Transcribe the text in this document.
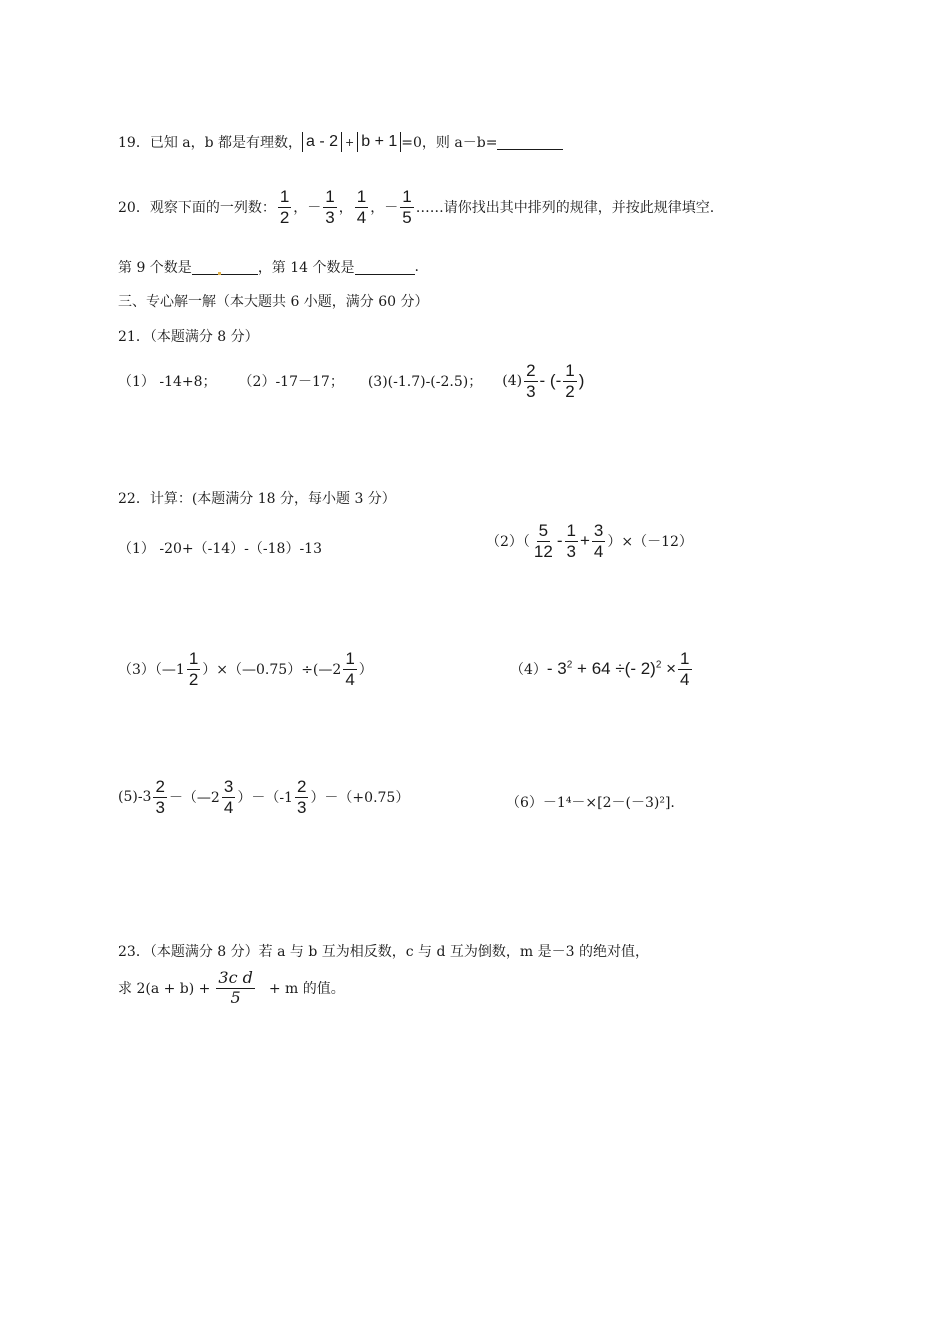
19．已知 a，b 都是有理数， a - 2 + b + 1 =0，则 a－b=
20．观察下面的一列数： $\frac{1}{2}$ ，－ $\frac{1}{3}$ ， $\frac{1}{4}$ ，－ $\frac{1}{5}$ ……请你找出其中排列的规律，并按此规律填空.
第 9 个数是	，第 14 个数是	.
三、专心解一解（本大题共 6 小题，满分 60 分）
21．（本题满分 8 分）
（1） -14+8； （2）-17－17； (3)(-1.7)-(-2.5)； $(4) \frac{2}{3}$ - (- $\frac{1}{2}$ )
22．计算：(本题满分 18 分，每小题 3 分）
（1） -20+（-14）-（-18）-13	$(2)( \frac{5}{12} - \frac{1}{3} + \frac{3}{4} )\times(-12)$
（3）（—1 $\frac{1}{2}$ ）×（—0.75）÷(—2 $\frac{1}{4}$ ）	$(4) - 3^2 + 64$ ÷(- $2)^2 \times \frac{1}{4}$
$(5)-3 \frac{2}{3}$ －（—2 $\frac{3}{4} )-(-1 \frac{2}{3} )-(+0.75)$	（6）－1⁴－×[2－(－3)²].
23．（本题满分 8 分）若 a 与 b 互为相反数，c 与 d 互为倒数，m 是－3 的绝对值，
求 $2(a + b) + \frac{\text{3c d}}{5} + m$ 的值。
